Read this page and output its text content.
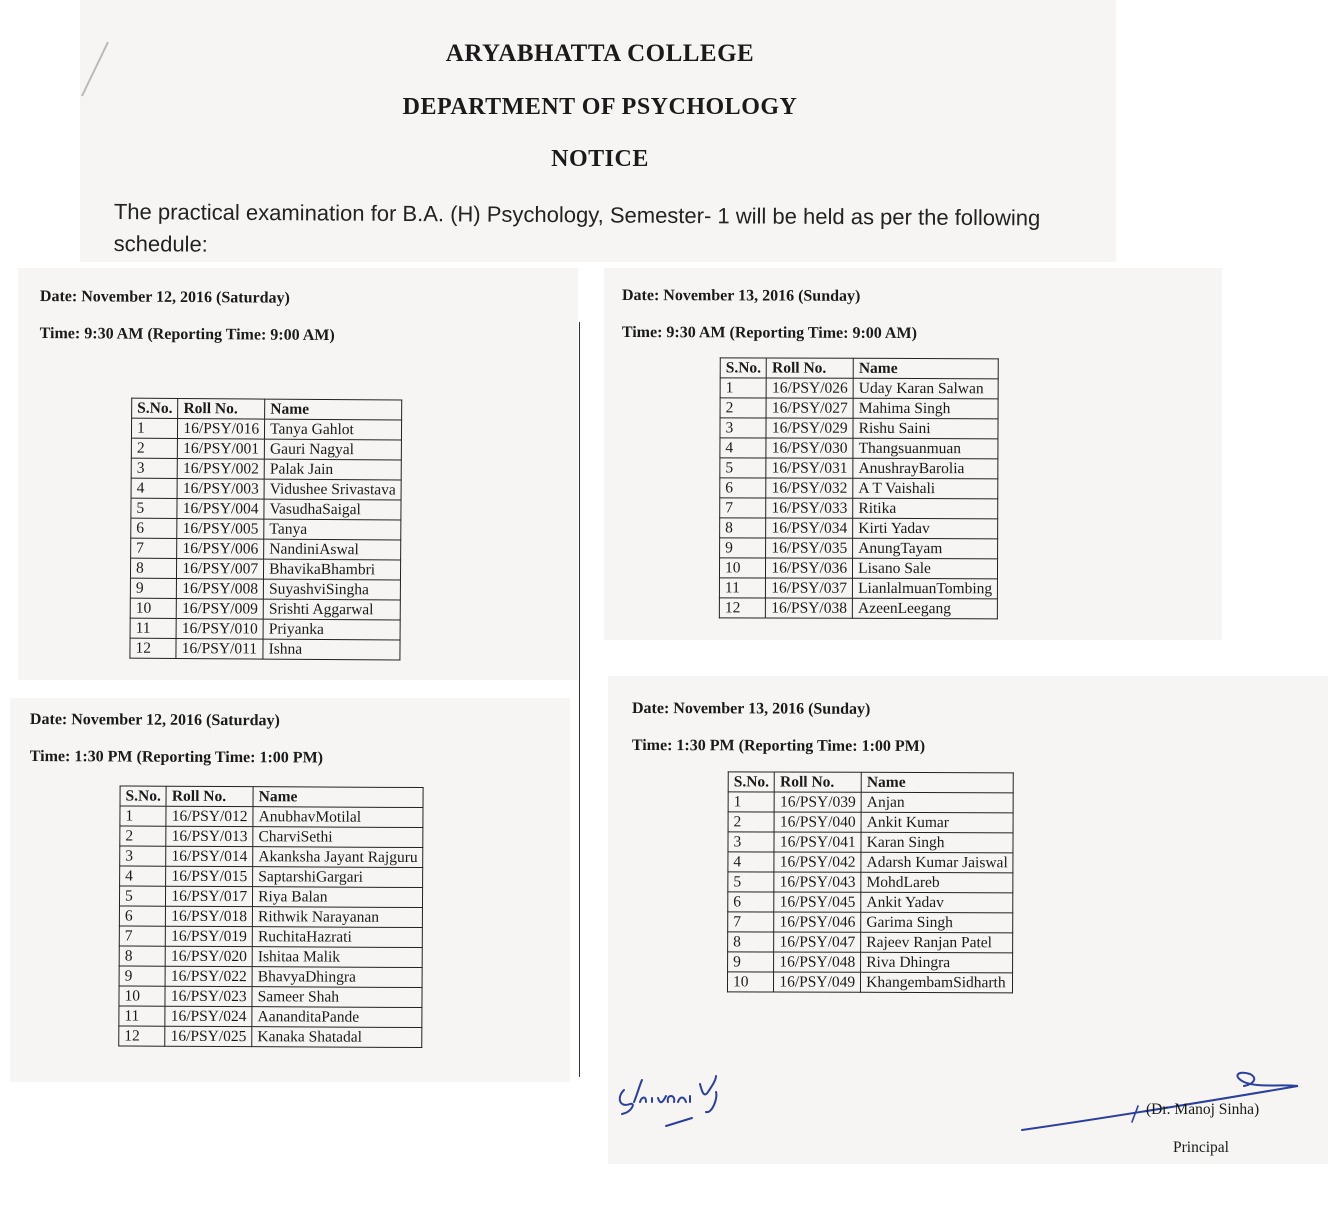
ARYABHATTA COLLEGE
DEPARTMENT OF PSYCHOLOGY
NOTICE
The practical examination for B.A. (H) Psychology, Semester- 1 will be held as per the following schedule:
Date: November 12, 2016 (Saturday)
Time: 9:30 AM (Reporting Time: 9:00 AM)
S.No.	Roll No.	Name
1	16/PSY/016	Tanya Gahlot
2	16/PSY/001	Gauri Nagyal
3	16/PSY/002	Palak Jain
4	16/PSY/003	Vidushee Srivastava
5	16/PSY/004	VasudhaSaigal
6	16/PSY/005	Tanya
7	16/PSY/006	NandiniAswal
8	16/PSY/007	BhavikaBhambri
9	16/PSY/008	SuyashviSingha
10	16/PSY/009	Srishti Aggarwal
11	16/PSY/010	Priyanka
12	16/PSY/011	Ishna
Date: November 13, 2016 (Sunday)
Time: 9:30 AM (Reporting Time: 9:00 AM)
S.No.	Roll No.	Name
1	16/PSY/026	Uday Karan Salwan
2	16/PSY/027	Mahima Singh
3	16/PSY/029	Rishu Saini
4	16/PSY/030	Thangsuanmuan
5	16/PSY/031	AnushrayBarolia
6	16/PSY/032	A T Vaishali
7	16/PSY/033	Ritika
8	16/PSY/034	Kirti Yadav
9	16/PSY/035	AnungTayam
10	16/PSY/036	Lisano Sale
11	16/PSY/037	LianlalmuanTombing
12	16/PSY/038	AzeenLeegang
Date: November 12, 2016 (Saturday)
Time: 1:30 PM (Reporting Time: 1:00 PM)
S.No.	Roll No.	Name
1	16/PSY/012	AnubhavMotilal
2	16/PSY/013	CharviSethi
3	16/PSY/014	Akanksha Jayant Rajguru
4	16/PSY/015	SaptarshiGargari
5	16/PSY/017	Riya Balan
6	16/PSY/018	Rithwik Narayanan
7	16/PSY/019	RuchitaHazrati
8	16/PSY/020	Ishitaa Malik
9	16/PSY/022	BhavyaDhingra
10	16/PSY/023	Sameer Shah
11	16/PSY/024	AananditaPande
12	16/PSY/025	Kanaka Shatadal
Date: November 13, 2016 (Sunday)
Time: 1:30 PM (Reporting Time: 1:00 PM)
S.No.	Roll No.	Name
1	16/PSY/039	Anjan
2	16/PSY/040	Ankit Kumar
3	16/PSY/041	Karan Singh
4	16/PSY/042	Adarsh Kumar Jaiswal
5	16/PSY/043	MohdLareb
6	16/PSY/045	Ankit Yadav
7	16/PSY/046	Garima Singh
8	16/PSY/047	Rajeev Ranjan Patel
9	16/PSY/048	Riva Dhingra
10	16/PSY/049	KhangembamSidharth
(Dr. Manoj Sinha)
Principal
